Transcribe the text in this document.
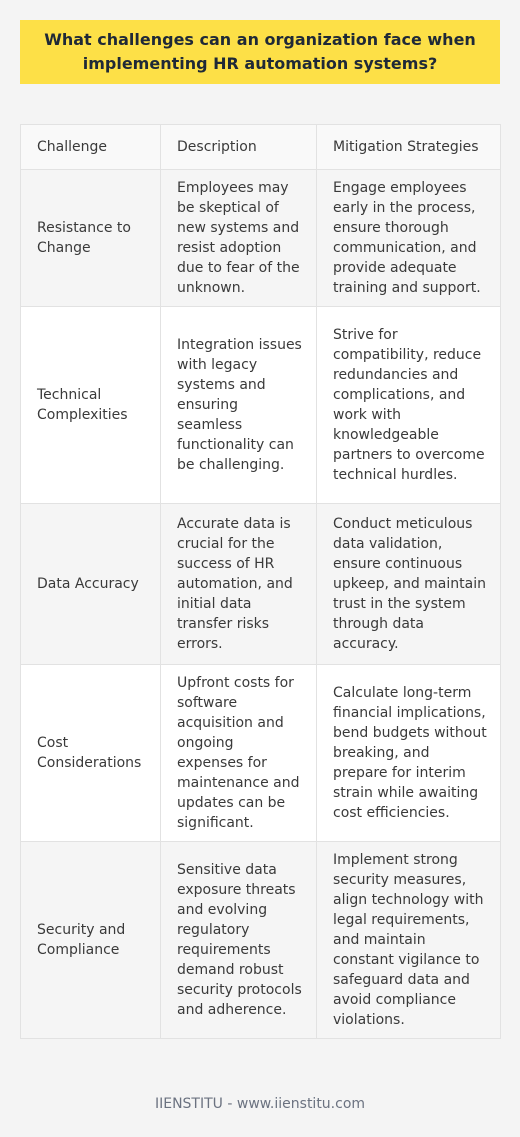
What challenges can an organization face when implementing HR automation systems?
Challenge	Description	Mitigation Strategies
Resistance to Change	Employees may be skeptical of new systems and resist adoption due to fear of the unknown.	Engage employees early in the process, ensure thorough communication, and provide adequate training and support.
Technical Complexities	Integration issues with legacy systems and ensuring seamless functionality can be challenging.	Strive for compatibility, reduce redundancies and complications, and work with knowledgeable partners to overcome technical hurdles.
Data Accuracy	Accurate data is crucial for the success of HR automation, and initial data transfer risks errors.	Conduct meticulous data validation, ensure continuous upkeep, and maintain trust in the system through data accuracy.
Cost Considerations	Upfront costs for software acquisition and ongoing expenses for maintenance and updates can be significant.	Calculate long-term financial implications, bend budgets without breaking, and prepare for interim strain while awaiting cost efficiencies.
Security and Compliance	Sensitive data exposure threats and evolving regulatory requirements demand robust security protocols and adherence.	Implement strong security measures, align technology with legal requirements, and maintain constant vigilance to safeguard data and avoid compliance violations.
IIENSTITU - www.iienstitu.com
